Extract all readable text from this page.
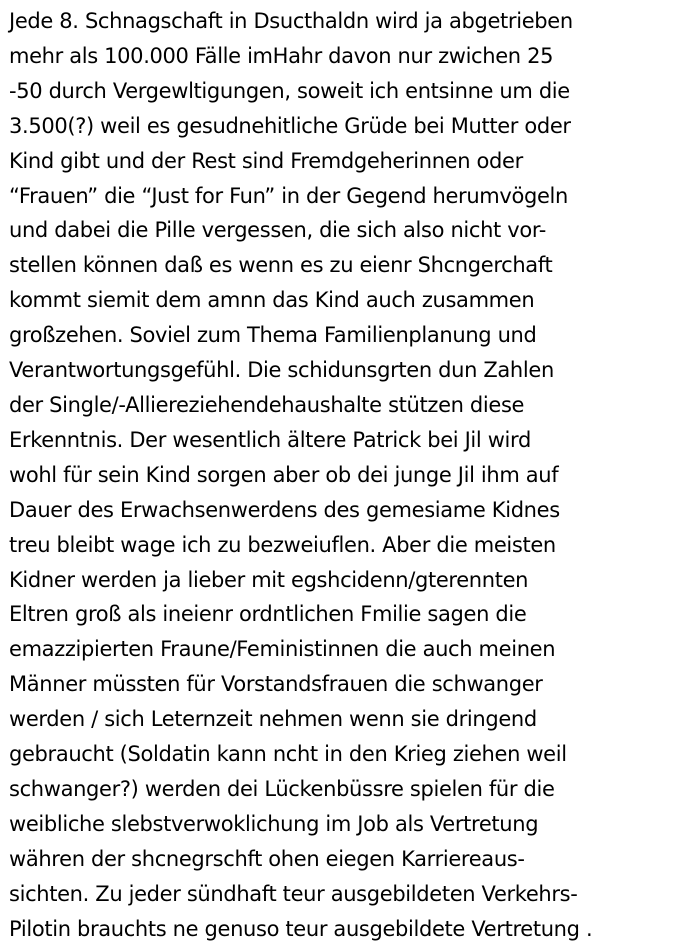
Jede 8. Schnagschaft in Dsucthaldn wird ja abgetrieben
mehr als 100.000 Fälle imHahr davon nur zwichen 25
-50 durch Vergewltigungen, soweit ich entsinne um die
3.500(?) weil es gesudnehitliche Grüde bei Mutter oder
Kind gibt und der Rest sind Fremdgeherinnen oder
“Frauen” die “Just for Fun” in der Gegend herumvögeln
und dabei die Pille vergessen, die sich also nicht vor-
stellen können daß es wenn es zu eienr Shcngerchaft
kommt siemit dem amnn das Kind auch zusammen
großzehen. Soviel zum Thema Familienplanung und
Verantwortungsgefühl. Die schidunsgrten dun Zahlen
der Single/-Alliereziehendehaushalte stützen diese
Erkenntnis. Der wesentlich ältere Patrick bei Jil wird
wohl für sein Kind sorgen aber ob dei junge Jil ihm auf
Dauer des Erwachsenwerdens des gemesiame Kidnes
treu bleibt wage ich zu bezweiuflen. Aber die meisten
Kidner werden ja lieber mit egshcidenn/gterennten
Eltren groß als ineienr ordntlichen Fmilie sagen die
emazzipierten Fraune/Feministinnen die auch meinen
Männer müssten für Vorstandsfrauen die schwanger
werden / sich Leternzeit nehmen wenn sie dringend
gebraucht (Soldatin kann ncht in den Krieg ziehen weil
schwanger?) werden dei Lückenbüssre spielen für die
weibliche slebstverwoklichung im Job als Vertretung
währen der shcnegrschft ohen eiegen Karriereaus-
sichten. Zu jeder sündhaft teur ausgebildeten Verkehrs-
Pilotin brauchts ne genuso teur ausgebildete Vertretung .
